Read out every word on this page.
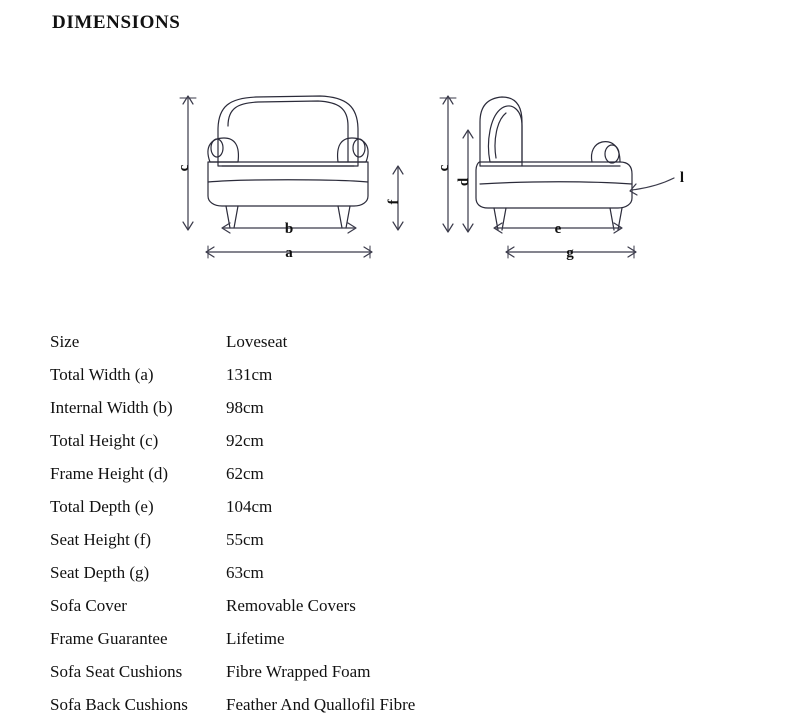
DIMENSIONS
c
f
b
a
c
d	l
e
g
Size	Loveseat
Total Width (a)	131cm
Internal Width (b)	98cm
Total Height (c)	92cm
Frame Height (d)	62cm
Total Depth (e)	104cm
Seat Height (f)	55cm
Seat Depth (g)	63cm
Sofa Cover	Removable Covers
Frame Guarantee	Lifetime
Sofa Seat Cushions	Fibre Wrapped Foam
Sofa Back Cushions	Feather And Quallofil Fibre
